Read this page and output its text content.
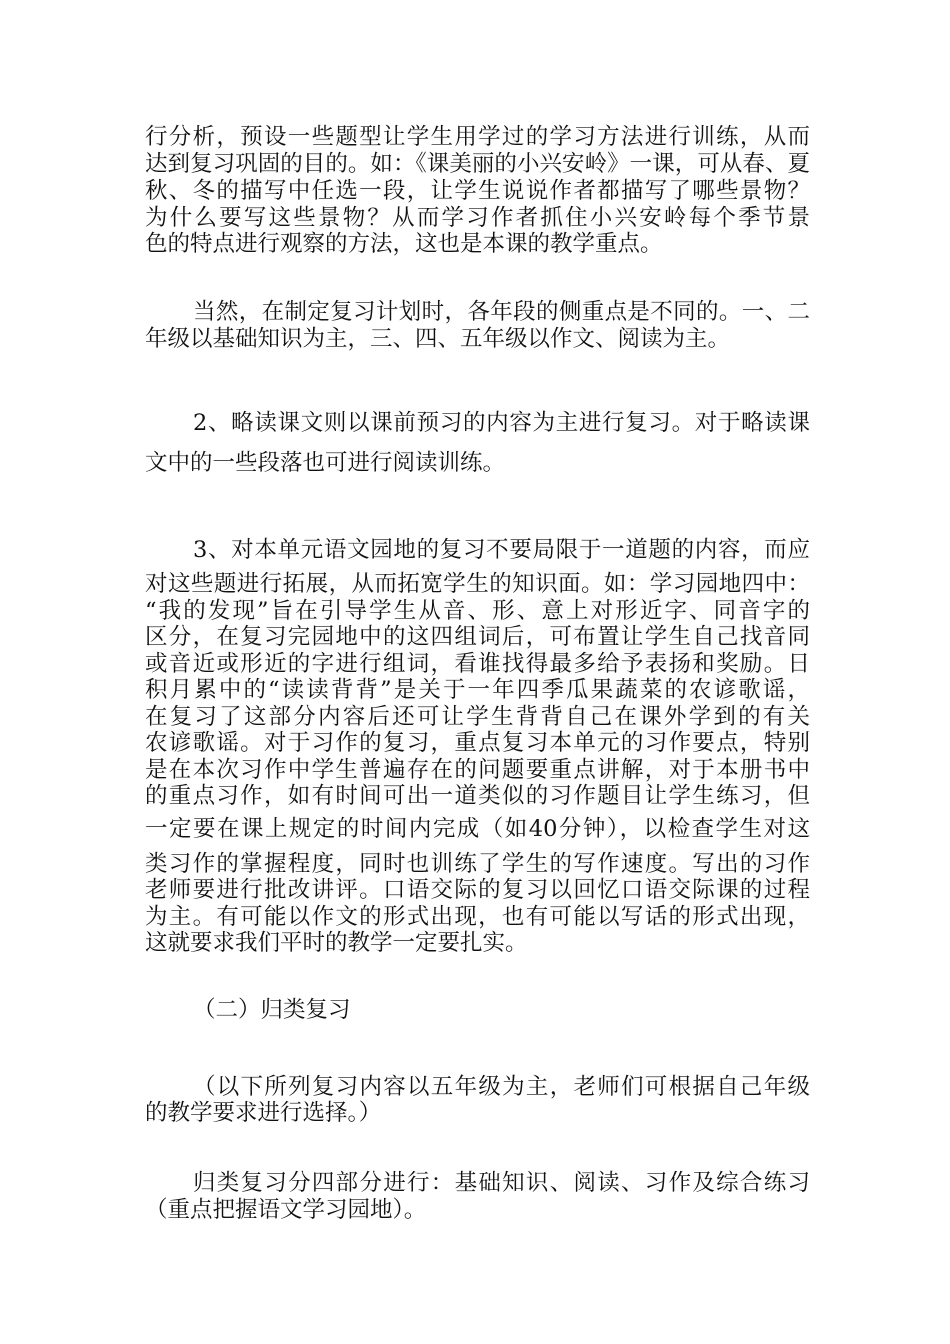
行分析，预设一些题型让学生用学过的学习方法进行训练，从而
达到复习巩固的目的。如：《课美丽的小兴安岭》一课，可从春、夏
秋、冬的描写中任选一段，让学生说说作者都描写了哪些景物？
为什么要写这些景物？从而学习作者抓住小兴安岭每个季节景
色的特点进行观察的方法，这也是本课的教学重点。
当然，在制定复习计划时，各年段的侧重点是不同的。一、二
年级以基础知识为主，三、四、五年级以作文、阅读为主。
2、略读课文则以课前预习的内容为主进行复习。对于略读课
文中的一些段落也可进行阅读训练。
3、对本单元语文园地的复习不要局限于一道题的内容，而应
对这些题进行拓展，从而拓宽学生的知识面。如：学习园地四中：
“我的发现”旨在引导学生从音、形、意上对形近字、同音字的
区分，在复习完园地中的这四组词后，可布置让学生自己找音同
或音近或形近的字进行组词，看谁找得最多给予表扬和奖励。日
积月累中的“读读背背”是关于一年四季瓜果蔬菜的农谚歌谣，
在复习了这部分内容后还可让学生背背自己在课外学到的有关
农谚歌谣。对于习作的复习，重点复习本单元的习作要点，特别
是在本次习作中学生普遍存在的问题要重点讲解，对于本册书中
的重点习作，如有时间可出一道类似的习作题目让学生练习，但
一定要在课上规定的时间内完成（如40分钟），以检查学生对这
类习作的掌握程度，同时也训练了学生的写作速度。写出的习作
老师要进行批改讲评。口语交际的复习以回忆口语交际课的过程
为主。有可能以作文的形式出现，也有可能以写话的形式出现，
这就要求我们平时的教学一定要扎实。
（二）归类复习
（以下所列复习内容以五年级为主，老师们可根据自己年级
的教学要求进行选择。）
归类复习分四部分进行：基础知识、阅读、习作及综合练习
（重点把握语文学习园地）。
